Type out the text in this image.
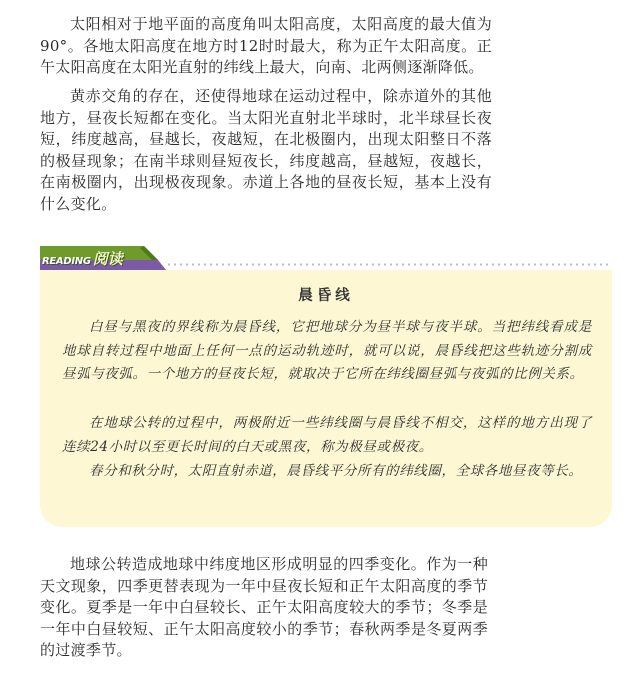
太阳相对于地平面的高度角叫太阳高度，太阳高度的最大值为90°。各地太阳高度在地方时12时时最大，称为正午太阳高度。正午太阳高度在太阳光直射的纬线上最大，向南、北两侧逐渐降低。

黄赤交角的存在，还使得地球在运动过程中，除赤道外的其他地方，昼夜长短都在变化。当太阳光直射北半球时，北半球昼长夜短，纬度越高，昼越长，夜越短，在北极圈内，出现太阳整日不落的极昼现象；在南半球则昼短夜长，纬度越高，昼越短，夜越长，在南极圈内，出现极夜现象。赤道上各地的昼夜长短，基本上没有什么变化。

READING 阅读
晨昏线

白昼与黑夜的界线称为晨昏线，它把地球分为昼半球与夜半球。当把纬线看成是地球自转过程中地面上任何一点的运动轨迹时，就可以说，晨昏线把这些轨迹分割成昼弧与夜弧。一个地方的昼夜长短，就取决于它所在纬线圈昼弧与夜弧的比例关系。

在地球公转的过程中，两极附近一些纬线圈与晨昏线不相交，这样的地方出现了连续24小时以至更长时间的白天或黑夜，称为极昼或极夜。

春分和秋分时，太阳直射赤道，晨昏线平分所有的纬线圈，全球各地昼夜等长。

地球公转造成地球中纬度地区形成明显的四季变化。作为一种天文现象，四季更替表现为一年中昼夜长短和正午太阳高度的季节变化。夏季是一年中白昼较长、正午太阳高度较大的季节；冬季是一年中白昼较短、正午太阳高度较小的季节；春秋两季是冬夏两季的过渡季节。
